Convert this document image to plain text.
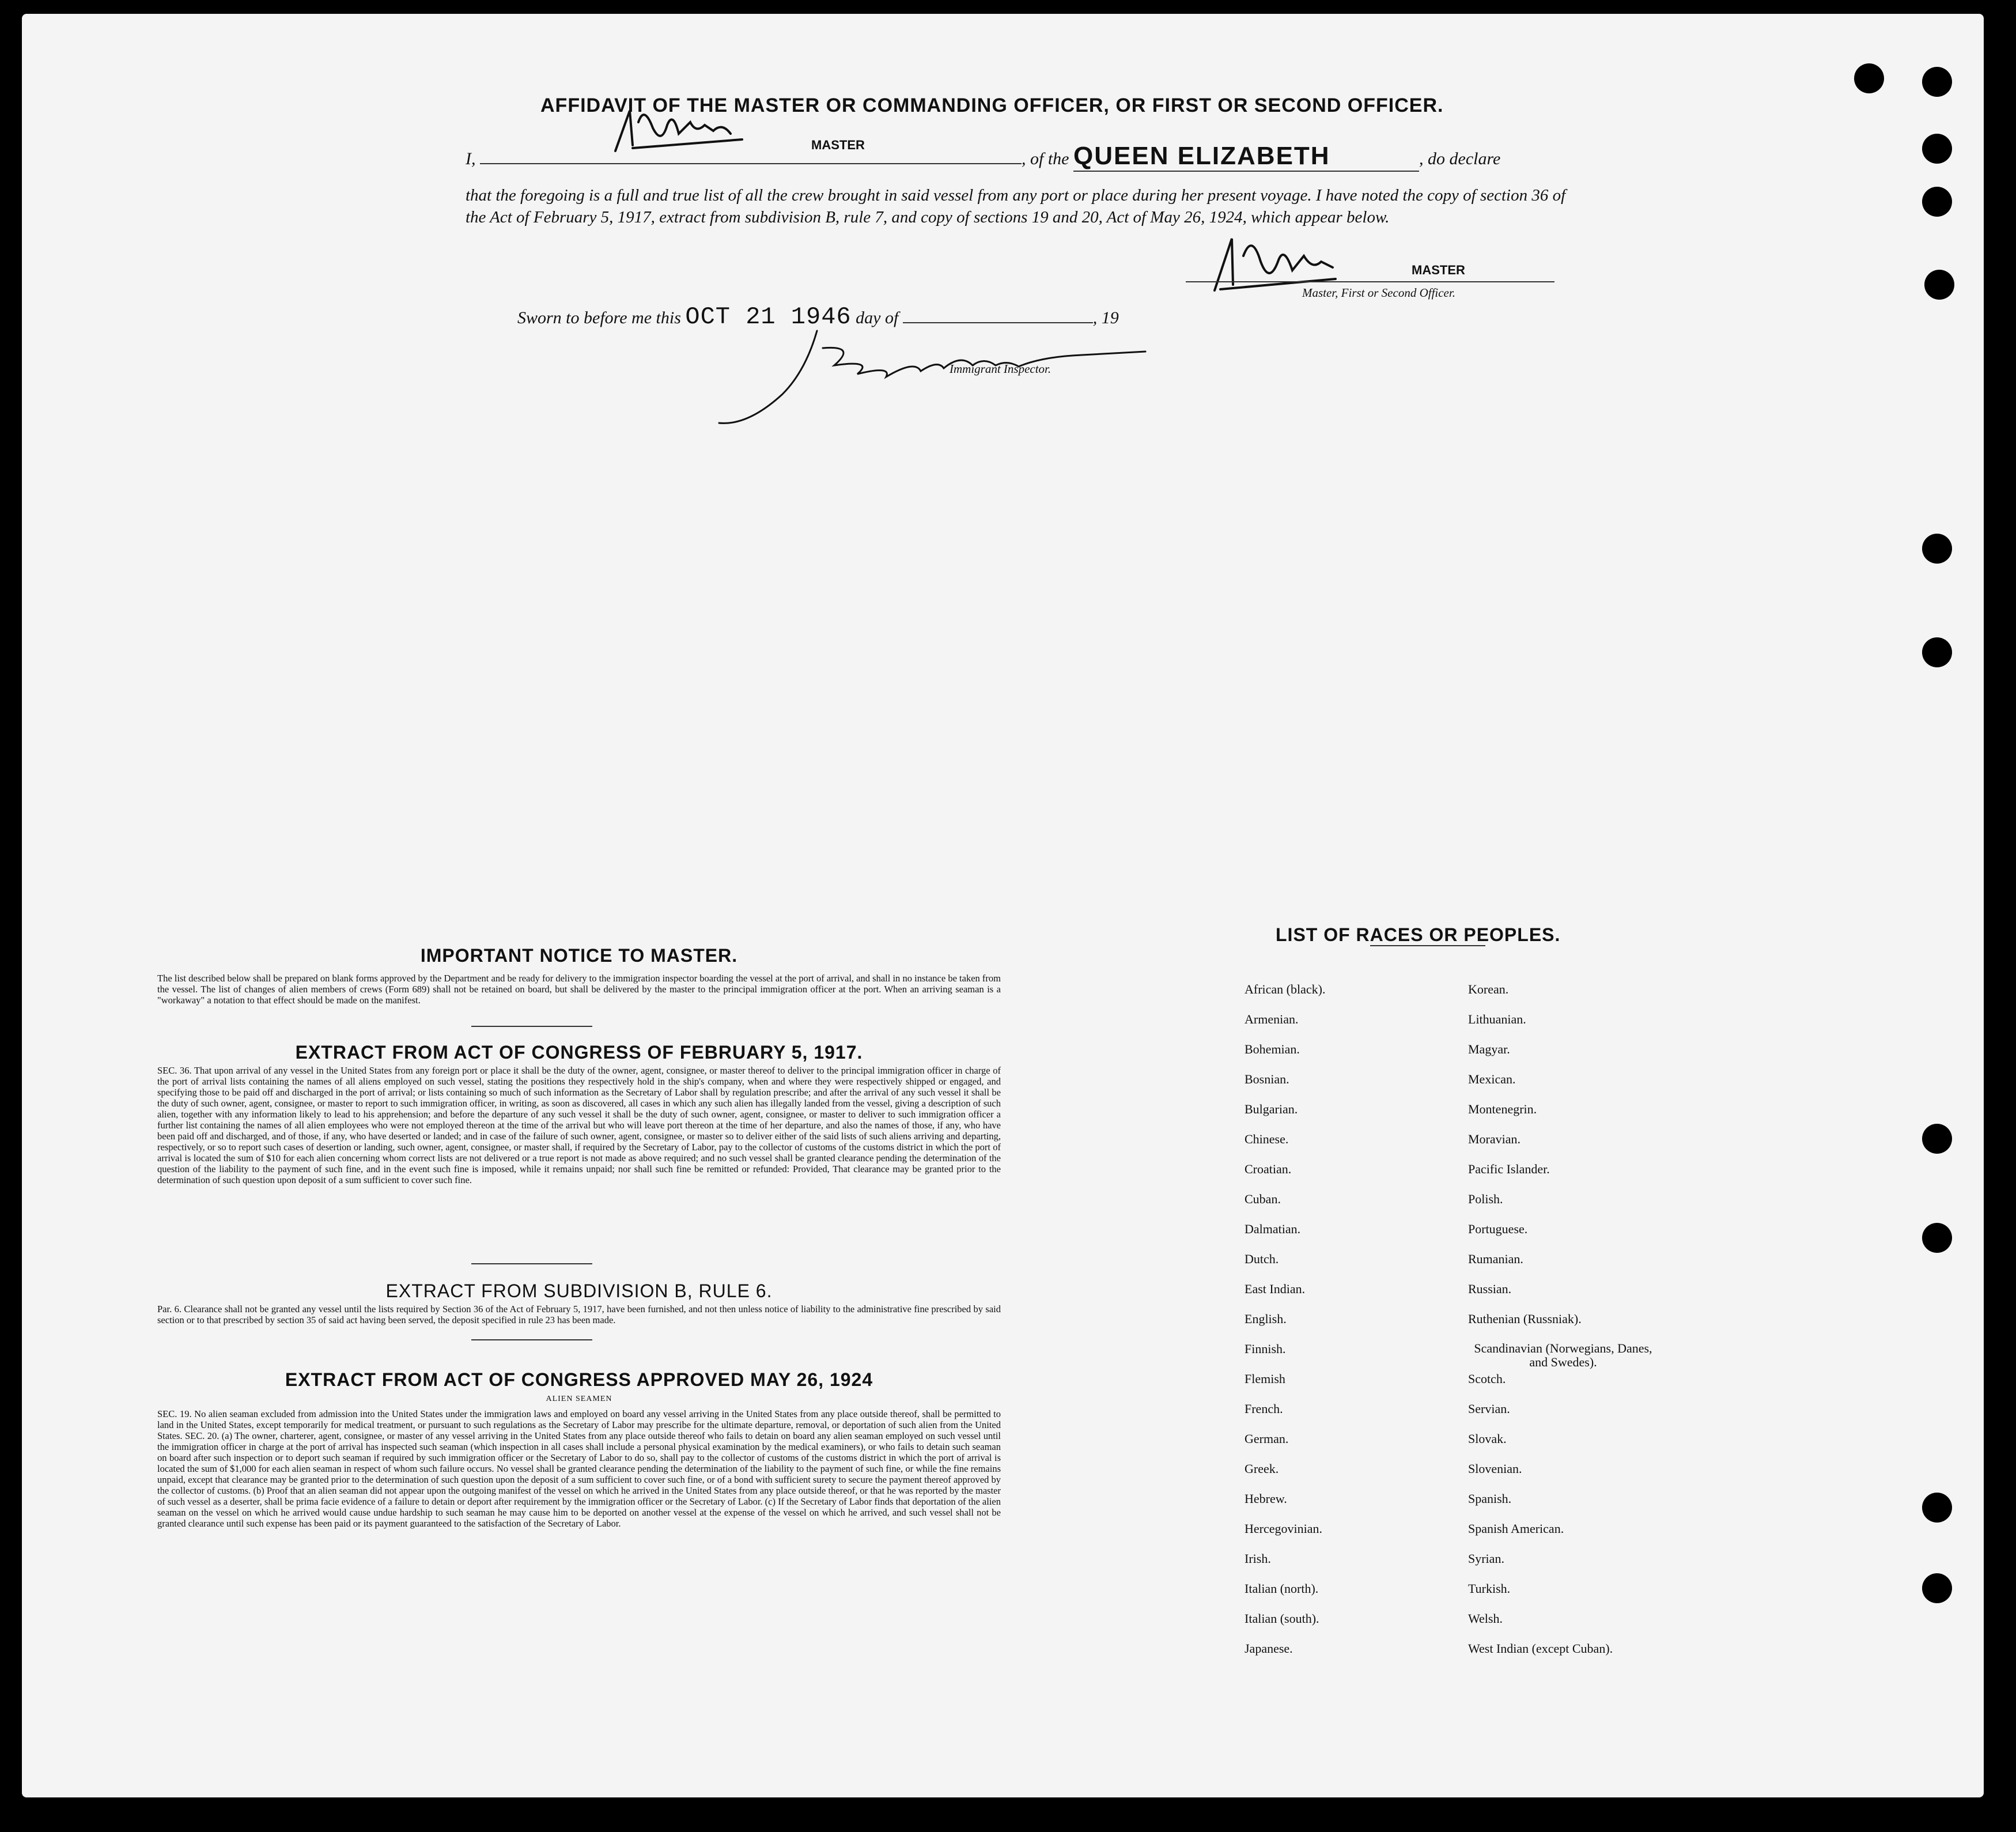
AFFIDAVIT OF THE MASTER OR COMMANDING OFFICER, OR FIRST OR SECOND OFFICER.
I,
MASTER
, of the QUEEN ELIZABETH	, do declare
that the foregoing is a full and true list of all the crew brought in said vessel from any port or place during her present voyage. I have noted the copy of section 36 of the Act of February 5, 1917, extract from subdivision B, rule 7, and copy of sections 19 and 20, Act of May 26, 1924, which appear below.
MASTER
Master, First or Second Officer.
Sworn to before me this OCT 21 1946 day of	, 19
Immigrant Inspector.
IMPORTANT NOTICE TO MASTER.
The list described below shall be prepared on blank forms approved by the Department and be ready for delivery to the immigration inspector boarding the vessel at the port of arrival, and shall in no instance be taken from the vessel. The list of changes of alien members of crews (Form 689) shall not be retained on board, but shall be delivered by the master to the principal immigration officer at the port. When an arriving seaman is a "workaway" a notation to that effect should be made on the manifest.
EXTRACT FROM ACT OF CONGRESS OF FEBRUARY 5, 1917.
SEC. 36. That upon arrival of any vessel in the United States from any foreign port or place it shall be the duty of the owner, agent, consignee, or master thereof to deliver to the principal immigration officer in charge of the port of arrival lists containing the names of all aliens employed on such vessel, stating the positions they respectively hold in the ship's company, when and where they were respectively shipped or engaged, and specifying those to be paid off and discharged in the port of arrival; or lists containing so much of such information as the Secretary of Labor shall by regulation prescribe; and after the arrival of any such vessel it shall be the duty of such owner, agent, consignee, or master to report to such immigration officer, in writing, as soon as discovered, all cases in which any such alien has illegally landed from the vessel, giving a description of such alien, together with any information likely to lead to his apprehension; and before the departure of any such vessel it shall be the duty of such owner, agent, consignee, or master to deliver to such immigration officer a further list containing the names of all alien employees who were not employed thereon at the time of the arrival but who will leave port thereon at the time of her departure, and also the names of those, if any, who have been paid off and discharged, and of those, if any, who have deserted or landed; and in case of the failure of such owner, agent, consignee, or master so to deliver either of the said lists of such aliens arriving and departing, respectively, or so to report such cases of desertion or landing, such owner, agent, consignee, or master shall, if required by the Secretary of Labor, pay to the collector of customs of the customs district in which the port of arrival is located the sum of $10 for each alien concerning whom correct lists are not delivered or a true report is not made as above required; and no such vessel shall be granted clearance pending the determination of the question of the liability to the payment of such fine, and in the event such fine is imposed, while it remains unpaid; nor shall such fine be remitted or refunded: Provided, That clearance may be granted prior to the determination of such question upon deposit of a sum sufficient to cover such fine.
EXTRACT FROM SUBDIVISION B, RULE 6.
Par. 6. Clearance shall not be granted any vessel until the lists required by Section 36 of the Act of February 5, 1917, have been furnished, and not then unless notice of liability to the administrative fine prescribed by said section or to that prescribed by section 35 of said act having been served, the deposit specified in rule 23 has been made.
EXTRACT FROM ACT OF CONGRESS APPROVED MAY 26, 1924
ALIEN SEAMEN
SEC. 19. No alien seaman excluded from admission into the United States under the immigration laws and employed on board any vessel arriving in the United States from any place outside thereof, shall be permitted to land in the United States, except temporarily for medical treatment, or pursuant to such regulations as the Secretary of Labor may prescribe for the ultimate departure, removal, or deportation of such alien from the United States. SEC. 20. (a) The owner, charterer, agent, consignee, or master of any vessel arriving in the United States from any place outside thereof who fails to detain on board any alien seaman employed on such vessel until the immigration officer in charge at the port of arrival has inspected such seaman (which inspection in all cases shall include a personal physical examination by the medical examiners), or who fails to detain such seaman on board after such inspection or to deport such seaman if required by such immigration officer or the Secretary of Labor to do so, shall pay to the collector of customs of the customs district in which the port of arrival is located the sum of $1,000 for each alien seaman in respect of whom such failure occurs. No vessel shall be granted clearance pending the determination of the liability to the payment of such fine, or while the fine remains unpaid, except that clearance may be granted prior to the determination of such question upon the deposit of a sum sufficient to cover such fine, or of a bond with sufficient surety to secure the payment thereof approved by the collector of customs. (b) Proof that an alien seaman did not appear upon the outgoing manifest of the vessel on which he arrived in the United States from any place outside thereof, or that he was reported by the master of such vessel as a deserter, shall be prima facie evidence of a failure to detain or deport after requirement by the immigration officer or the Secretary of Labor. (c) If the Secretary of Labor finds that deportation of the alien seaman on the vessel on which he arrived would cause undue hardship to such seaman he may cause him to be deported on another vessel at the expense of the vessel on which he arrived, and such vessel shall not be granted clearance until such expense has been paid or its payment guaranteed to the satisfaction of the Secretary of Labor.
LIST OF RACES OR PEOPLES.
African (black).
Armenian.
Bohemian.
Bosnian.
Bulgarian.
Chinese.
Croatian.
Cuban.
Dalmatian.
Dutch.
East Indian.
English.
Finnish.
Flemish
French.
German.
Greek.
Hebrew.
Hercegovinian.
Irish.
Italian (north).
Italian (south).
Japanese.
Korean.
Lithuanian.
Magyar.
Mexican.
Montenegrin.
Moravian.
Pacific Islander.
Polish.
Portuguese.
Rumanian.
Russian.
Ruthenian (Russniak).
Scandinavian (Norwegians, Danes, and Swedes).
Scotch.
Servian.
Slovak.
Slovenian.
Spanish.
Spanish American.
Syrian.
Turkish.
Welsh.
West Indian (except Cuban).
